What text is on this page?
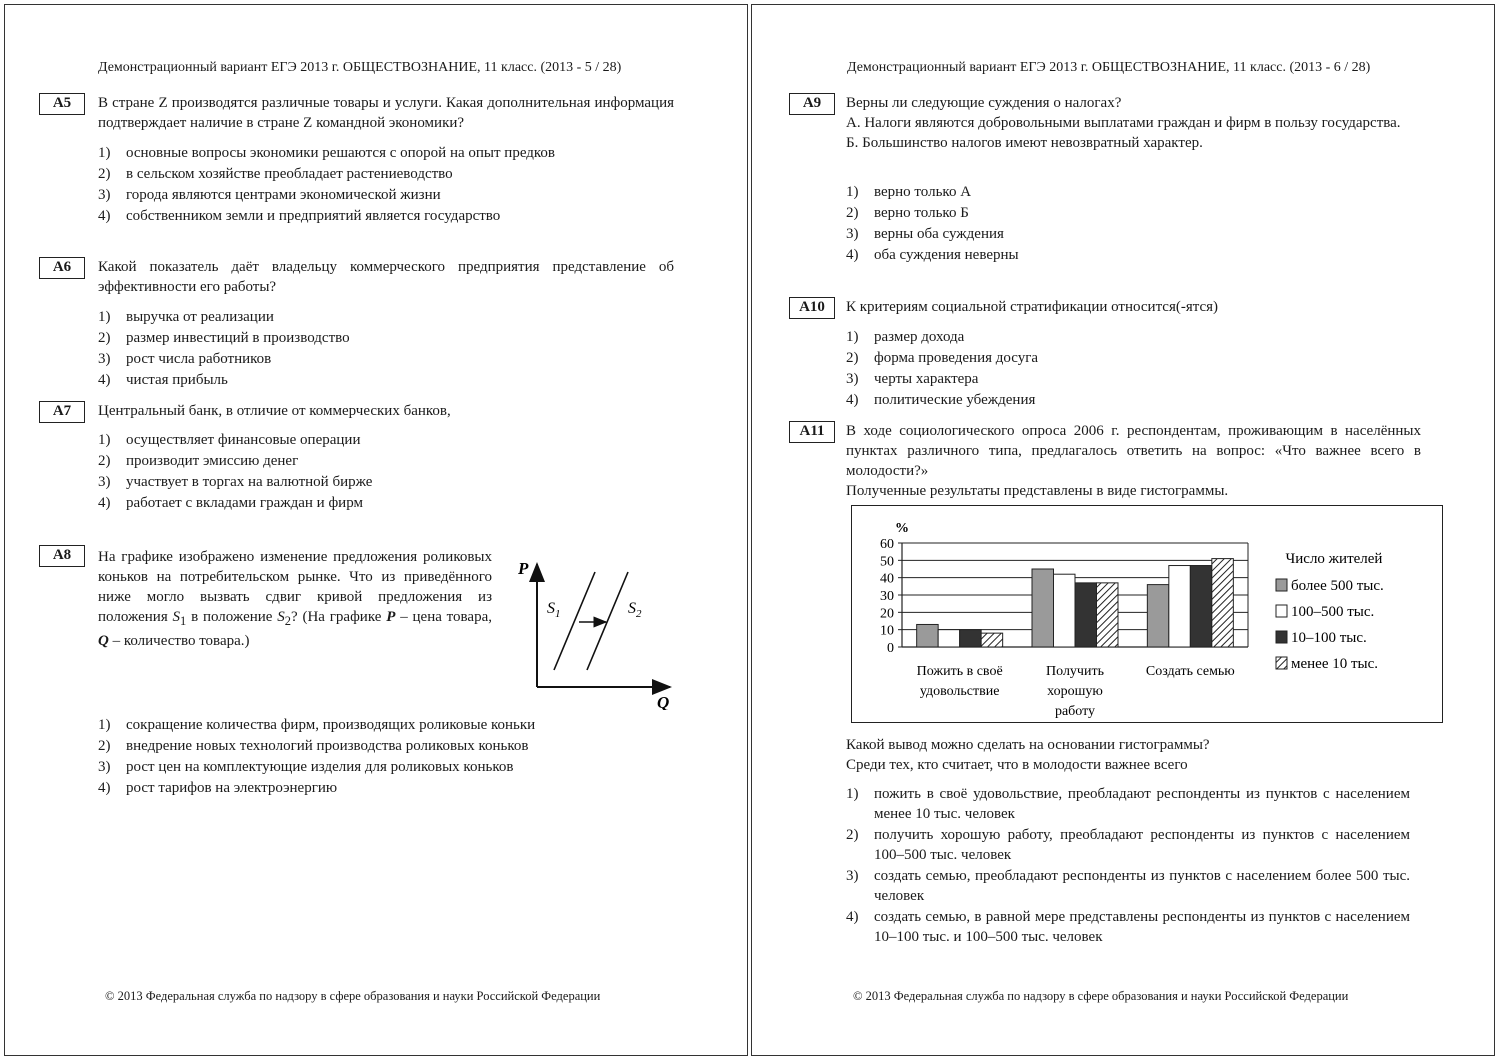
Демонстрационный вариант ЕГЭ 2013 г. ОБЩЕСТВОЗНАНИЕ, 11 класс. (2013 - 5 / 28)
A5	В стране Z производятся различные товары и услуги. Какая дополнительная информация подтверждает наличие в стране Z командной экономики?
1) основные вопросы экономики решаются с опорой на опыт предков
2) в сельском хозяйстве преобладает растениеводство
3) города являются центрами экономической жизни
4) собственником земли и предприятий является государство
A6	Какой показатель даёт владельцу коммерческого предприятия представление об эффективности его работы?
1) выручка от реализации
2) размер инвестиций в производство
3) рост числа работников
4) чистая прибыль
A7	Центральный банк, в отличие от коммерческих банков,
1) осуществляет финансовые операции
2) производит эмиссию денег
3) участвует в торгах на валютной бирже
4) работает с вкладами граждан и фирм
A8	На графике изображено изменение предложения роликовых коньков на потребительском рынке. Что из приведённого ниже могло вызвать сдвиг кривой предложения из положения $S_1$ в положение $S_2$? (На графике P – цена товара, Q – количество товара.)
P
Q
$S_1$	$S_2$
1) сокращение количества фирм, производящих роликовые коньки
2) внедрение новых технологий производства роликовых коньков
3) рост цен на комплектующие изделия для роликовых коньков
4) рост тарифов на электроэнергию
© 2013 Федеральная служба по надзору в сфере образования и науки Российской Федерации
Демонстрационный вариант ЕГЭ 2013 г. ОБЩЕСТВОЗНАНИЕ, 11 класс. (2013 - 6 / 28)
A9	Верны ли следующие суждения о налогах?
А. Налоги являются добровольными выплатами граждан и фирм в пользу государства.
Б. Большинство налогов имеют невозвратный характер.
1) верно только А
2) верно только Б
3) верны оба суждения
4) оба суждения неверны
A10	К критериям социальной стратификации относится(-ятся)
1) размер дохода
2) форма проведения досуга
3) черты характера
4) политические убеждения
A11	В ходе социологического опроса 2006 г. респондентам, проживающим в населённых пунктах различного типа, предлагалось ответить на вопрос: «Что важнее всего в молодости?»
Полученные результаты представлены в виде гистограммы.
%
0
10
20
30
40
50
60
Пожить в своё удовольствие
Получить хорошую работу
Создать семью
более 500 тыс.
100–500 тыс.
10–100 тыс.
менее 10 тыс.
Число жителей
Какой вывод можно сделать на основании гистограммы?
Среди тех, кто считает, что в молодости важнее всего
1)	пожить в своё удовольствие, преобладают респонденты из пунктов с населением менее 10 тыс. человек
2)	получить хорошую работу, преобладают респонденты из пунктов с населением 100–500 тыс. человек
3)	создать семью, преобладают респонденты из пунктов с населением более 500 тыс. человек
4)	создать семью, в равной мере представлены респонденты из пунктов с населением 10–100 тыс. и 100–500 тыс. человек
© 2013 Федеральная служба по надзору в сфере образования и науки Российской Федерации
